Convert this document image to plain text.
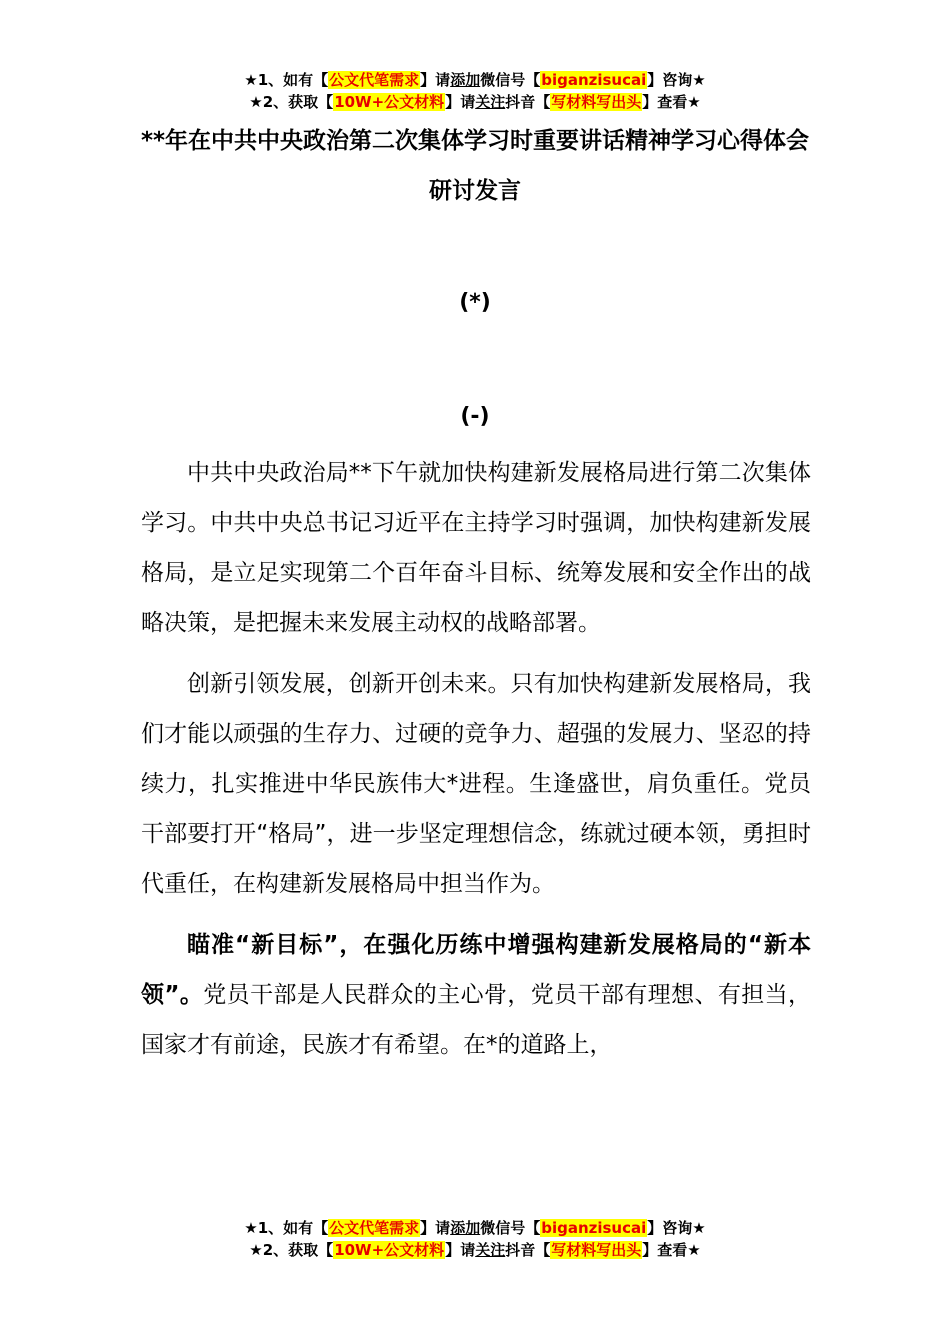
★1、如有【公文代笔需求】请添加微信号【biganzisucai】咨询★
★2、获取【10W+公文材料】请关注抖音【写材料写出头】查看★
**年在中共中央政治第二次集体学习时重要讲话精神学习心得体会研讨发言
(*)
(-)

中共中央政治局**下午就加快构建新发展格局进行第二次集体学习。中共中央总书记习近平在主持学习时强调，加快构建新发展格局，是立足实现第二个百年奋斗目标、统筹发展和安全作出的战略决策，是把握未来发展主动权的战略部署。

创新引领发展，创新开创未来。只有加快构建新发展格局，我们才能以顽强的生存力、过硬的竞争力、超强的发展力、坚忍的持续力，扎实推进中华民族伟大*进程。生逢盛世，肩负重任。党员干部要打开“格局”，进一步坚定理想信念，练就过硬本领，勇担时代重任，在构建新发展格局中担当作为。

瞄准“新目标”，在强化历练中增强构建新发展格局的“新本领”。党员干部是人民群众的主心骨，党员干部有理想、有担当，国家才有前途，民族才有希望。在*的道路上，

★1、如有【公文代笔需求】请添加微信号【biganzisucai】咨询★
★2、获取【10W+公文材料】请关注抖音【写材料写出头】查看★
